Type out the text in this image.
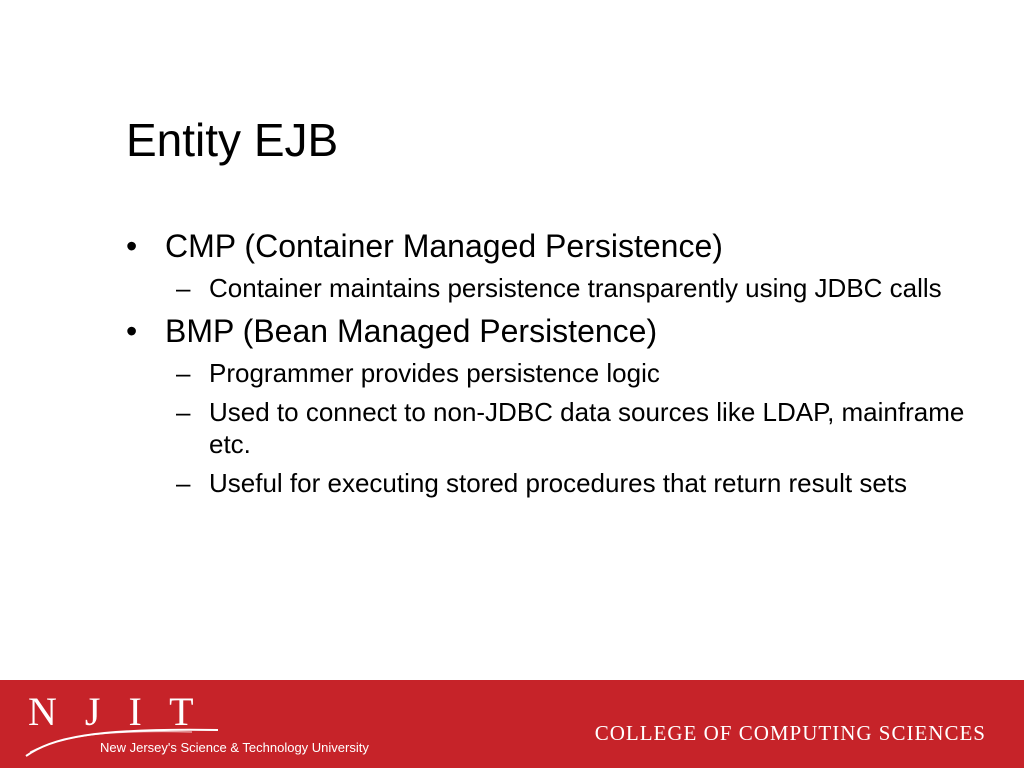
Entity EJB
• CMP (Container Managed Persistence)
– Container maintains persistence transparently using JDBC calls
• BMP (Bean Managed Persistence)
– Programmer provides persistence logic
– Used to connect to non-JDBC data sources like LDAP, mainframe etc.
– Useful for executing stored procedures that return result sets
N J I T
New Jersey's Science & Technology University
COLLEGE OF COMPUTING SCIENCES
